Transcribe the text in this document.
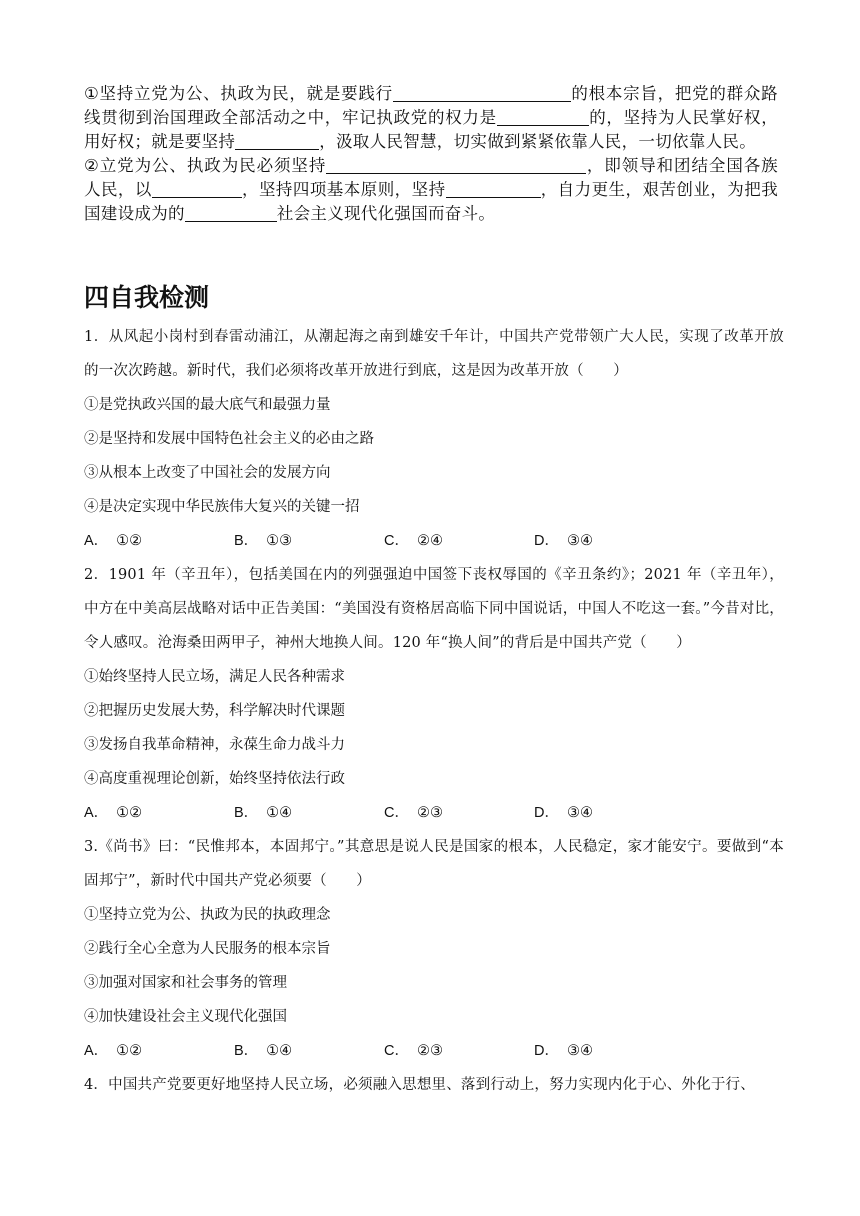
①坚持立党为公、执政为民，就是要践行	的根本宗旨，把党的群众路线贯彻到治国理政全部活动之中，牢记执政党的权力是	的，坚持为人民掌好权，用好权；就是要坚持	，汲取人民智慧，切实做到紧紧依靠人民，一切依靠人民。

②立党为公、执政为民必须坚持	，即领导和团结全国各族人民，以	，坚持四项基本原则，坚持	，自力更生，艰苦创业，为把我国建设成为的	社会主义现代化强国而奋斗。

四自我检测

1．从风起小岗村到春雷动浦江，从潮起海之南到雄安千年计，中国共产党带领广大人民，实现了改革开放的一次次跨越。新时代，我们必须将改革开放进行到底，这是因为改革开放（　　）

①是党执政兴国的最大底气和最强力量

②是坚持和发展中国特色社会主义的必由之路

③从根本上改变了中国社会的发展方向

④是决定实现中华民族伟大复兴的关键一招

A． ①②	B． ①③	C． ②④	D． ③④

2．1901 年（辛丑年），包括美国在内的列强强迫中国签下丧权辱国的《辛丑条约》；2021 年（辛丑年），中方在中美高层战略对话中正告美国：“美国没有资格居高临下同中国说话，中国人不吃这一套。”今昔对比，令人感叹。沧海桑田两甲子，神州大地换人间。120 年“换人间”的背后是中国共产党（　　）

①始终坚持人民立场，满足人民各种需求

②把握历史发展大势，科学解决时代课题

③发扬自我革命精神，永葆生命力战斗力

④高度重视理论创新，始终坚持依法行政

A． ①②	B． ①④	C． ②③	D． ③④

3.《尚书》曰：“民惟邦本，本固邦宁。”其意思是说人民是国家的根本，人民稳定，家才能安宁。要做到“本固邦宁”，新时代中国共产党必须要（　　）

①坚持立党为公、执政为民的执政理念

②践行全心全意为人民服务的根本宗旨

③加强对国家和社会事务的管理

④加快建设社会主义现代化强国

A． ①②	B． ①④	C． ②③	D． ③④

4．中国共产党要更好地坚持人民立场，必须融入思想里、落到行动上，努力实现内化于心、外化于行、
